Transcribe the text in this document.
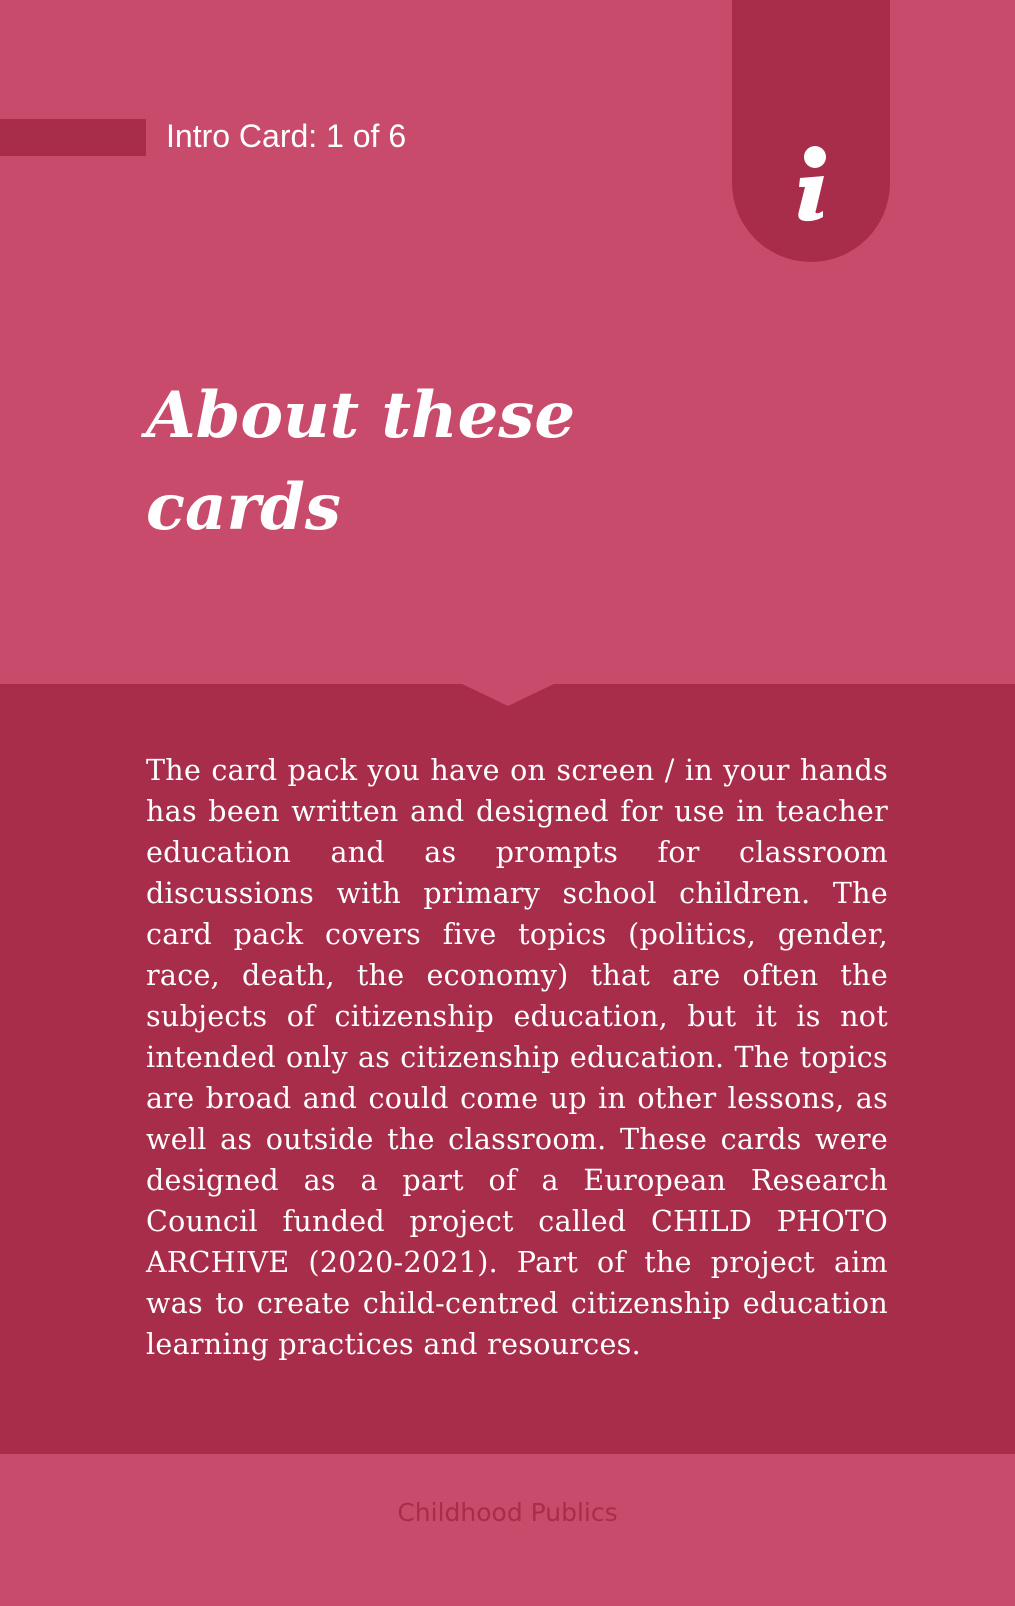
Intro Card: 1 of 6
About these cards

The card pack you have on screen / in your hands has been written and designed for use in teacher education and as prompts for classroom discussions with primary school children. The card pack covers five topics (politics, gender, race, death, the economy) that are often the subjects of citizenship education, but it is not intended only as citizenship education. The topics are broad and could come up in other lessons, as well as outside the classroom. These cards were designed as a part of a European Research Council funded project called CHILD PHOTO ARCHIVE (2020-2021). Part of the project aim was to create child-centred citizenship education learning practices and resources.

Childhood Publics
